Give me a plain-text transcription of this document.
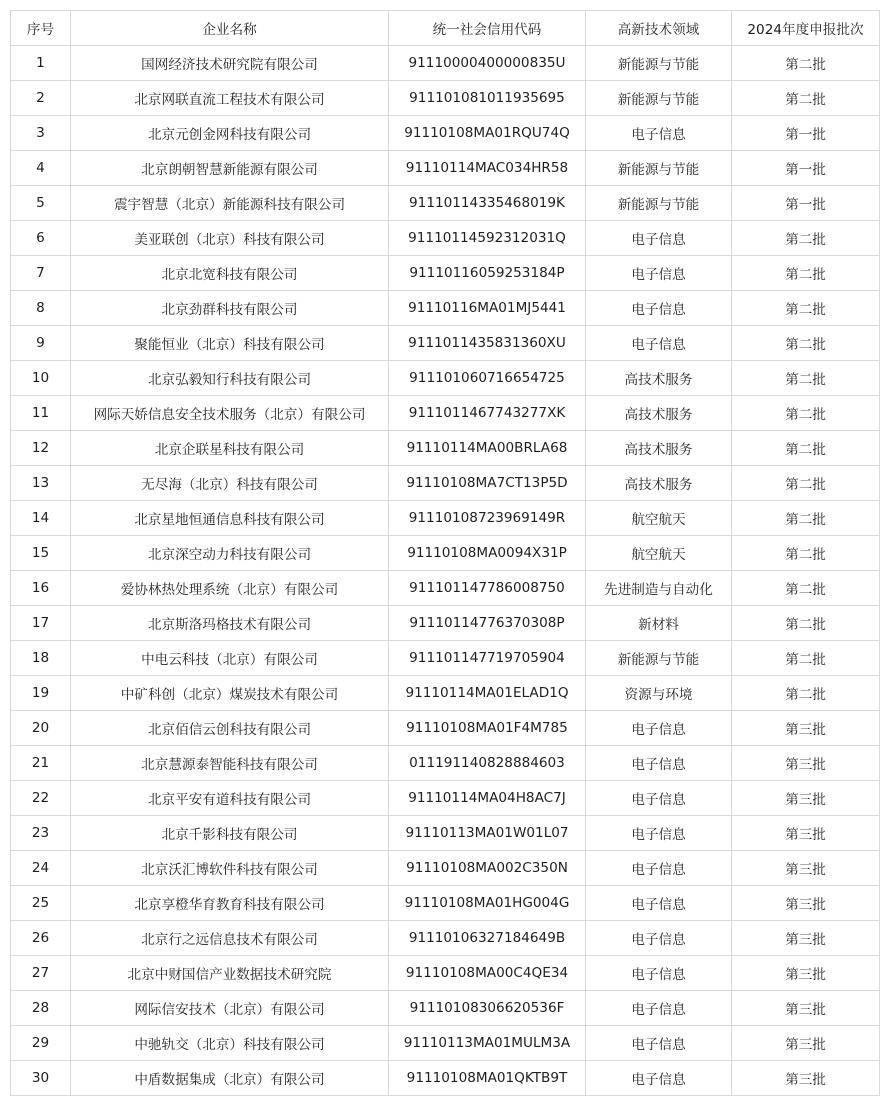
序号	企业名称	统一社会信用代码	高新技术领域	2024年度申报批次
1	国网经济技术研究院有限公司	91110000400000835U	新能源与节能	第二批
2	北京网联直流工程技术有限公司	911101081011935695	新能源与节能	第二批
3	北京元创金网科技有限公司	91110108MA01RQU74Q	电子信息	第一批
4	北京朗朝智慧新能源有限公司	91110114MAC034HR58	新能源与节能	第一批
5	震宇智慧（北京）新能源科技有限公司	91110114335468019K	新能源与节能	第一批
6	美亚联创（北京）科技有限公司	91110114592312031Q	电子信息	第二批
7	北京北宽科技有限公司	91110116059253184P	电子信息	第二批
8	北京劲群科技有限公司	91110116MA01MJ5441	电子信息	第二批
9	聚能恒业（北京）科技有限公司	9111011435831360XU	电子信息	第二批
10	北京弘毅知行科技有限公司	911101060716654725	高技术服务	第二批
11	网际天娇信息安全技术服务（北京）有限公司	9111011467743277XK	高技术服务	第二批
12	北京企联星科技有限公司	91110114MA00BRLA68	高技术服务	第二批
13	无尽海（北京）科技有限公司	91110108MA7CT13P5D	高技术服务	第二批
14	北京星地恒通信息科技有限公司	91110108723969149R	航空航天	第二批
15	北京深空动力科技有限公司	91110108MA0094X31P	航空航天	第二批
16	爱协林热处理系统（北京）有限公司	911101147786008750	先进制造与自动化	第二批
17	北京斯洛玛格技术有限公司	91110114776370308P	新材料	第二批
18	中电云科技（北京）有限公司	911101147719705904	新能源与节能	第二批
19	中矿科创（北京）煤炭技术有限公司	91110114MA01ELAD1Q	资源与环境	第二批
20	北京佰信云创科技有限公司	91110108MA01F4M785	电子信息	第三批
21	北京慧源泰智能科技有限公司	011191140828884603	电子信息	第三批
22	北京平安有道科技有限公司	91110114MA04H8AC7J	电子信息	第三批
23	北京千影科技有限公司	91110113MA01W01L07	电子信息	第三批
24	北京沃汇博软件科技有限公司	91110108MA002C350N	电子信息	第三批
25	北京享橙华育教育科技有限公司	91110108MA01HG004G	电子信息	第三批
26	北京行之远信息技术有限公司	91110106327184649B	电子信息	第三批
27	北京中财国信产业数据技术研究院	91110108MA00C4QE34	电子信息	第三批
28	网际信安技术（北京）有限公司	91110108306620536F	电子信息	第三批
29	中驰轨交（北京）科技有限公司	91110113MA01MULM3A	电子信息	第三批
30	中盾数据集成（北京）有限公司	91110108MA01QKTB9T	电子信息	第三批
